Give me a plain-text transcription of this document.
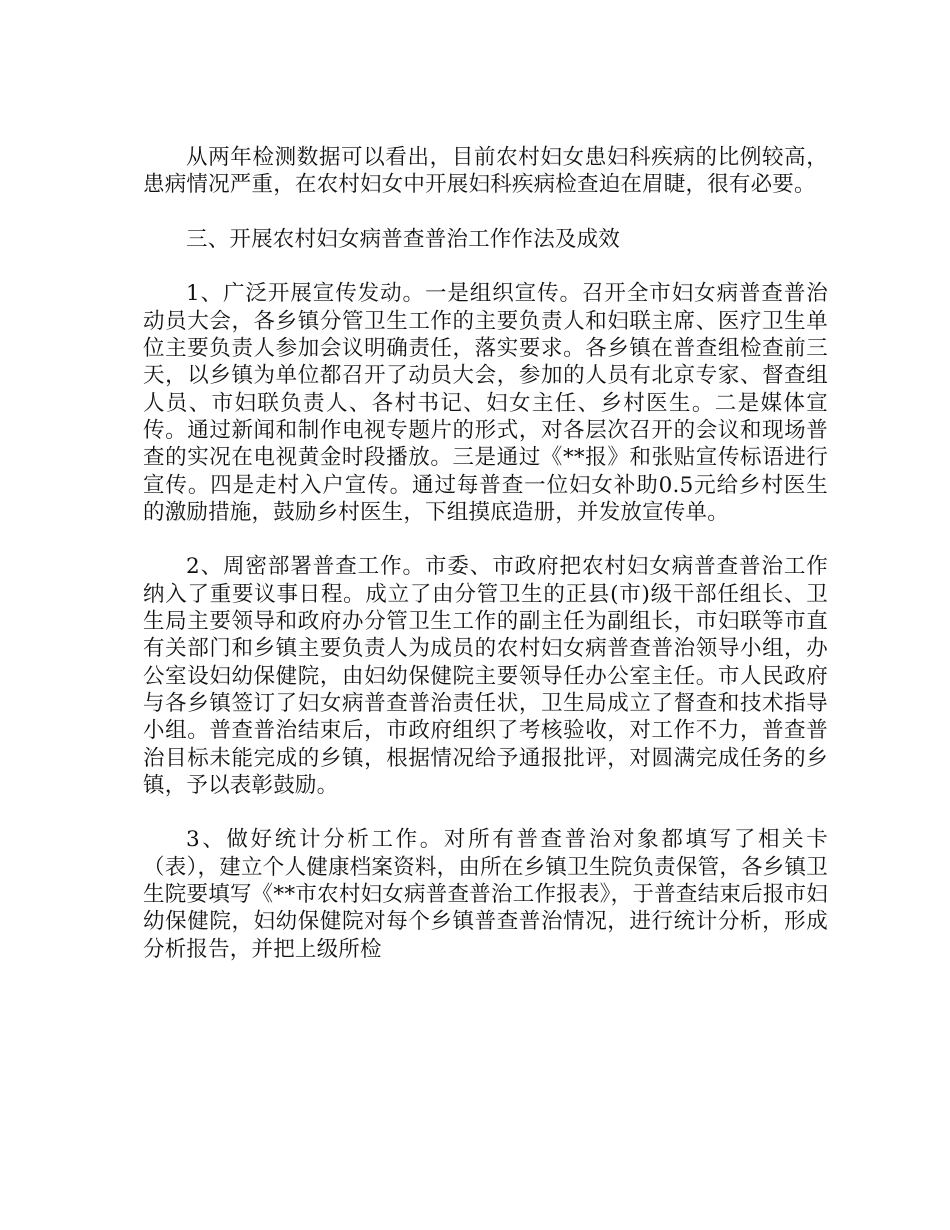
从两年检测数据可以看出，目前农村妇女患妇科疾病的比例较高，患病情况严重，在农村妇女中开展妇科疾病检查迫在眉睫，很有必要。

三、开展农村妇女病普查普治工作作法及成效

1、广泛开展宣传发动。一是组织宣传。召开全市妇女病普查普治动员大会，各乡镇分管卫生工作的主要负责人和妇联主席、医疗卫生单位主要负责人参加会议明确责任，落实要求。各乡镇在普查组检查前三天，以乡镇为单位都召开了动员大会，参加的人员有北京专家、督查组人员、市妇联负责人、各村书记、妇女主任、乡村医生。二是媒体宣传。通过新闻和制作电视专题片的形式，对各层次召开的会议和现场普查的实况在电视黄金时段播放。三是通过《**报》和张贴宣传标语进行宣传。四是走村入户宣传。通过每普查一位妇女补助0.5元给乡村医生的激励措施，鼓励乡村医生，下组摸底造册，并发放宣传单。

2、周密部署普查工作。市委、市政府把农村妇女病普查普治工作纳入了重要议事日程。成立了由分管卫生的正县(市)级干部任组长、卫生局主要领导和政府办分管卫生工作的副主任为副组长，市妇联等市直有关部门和乡镇主要负责人为成员的农村妇女病普查普治领导小组，办公室设妇幼保健院，由妇幼保健院主要领导任办公室主任。市人民政府与各乡镇签订了妇女病普查普治责任状，卫生局成立了督查和技术指导小组。普查普治结束后，市政府组织了考核验收，对工作不力，普查普治目标未能完成的乡镇，根据情况给予通报批评，对圆满完成任务的乡镇，予以表彰鼓励。

3、做好统计分析工作。对所有普查普治对象都填写了相关卡（表），建立个人健康档案资料，由所在乡镇卫生院负责保管，各乡镇卫生院要填写《**市农村妇女病普查普治工作报表》，于普查结束后报市妇幼保健院，妇幼保健院对每个乡镇普查普治情况，进行统计分析，形成分析报告，并把上级所检
